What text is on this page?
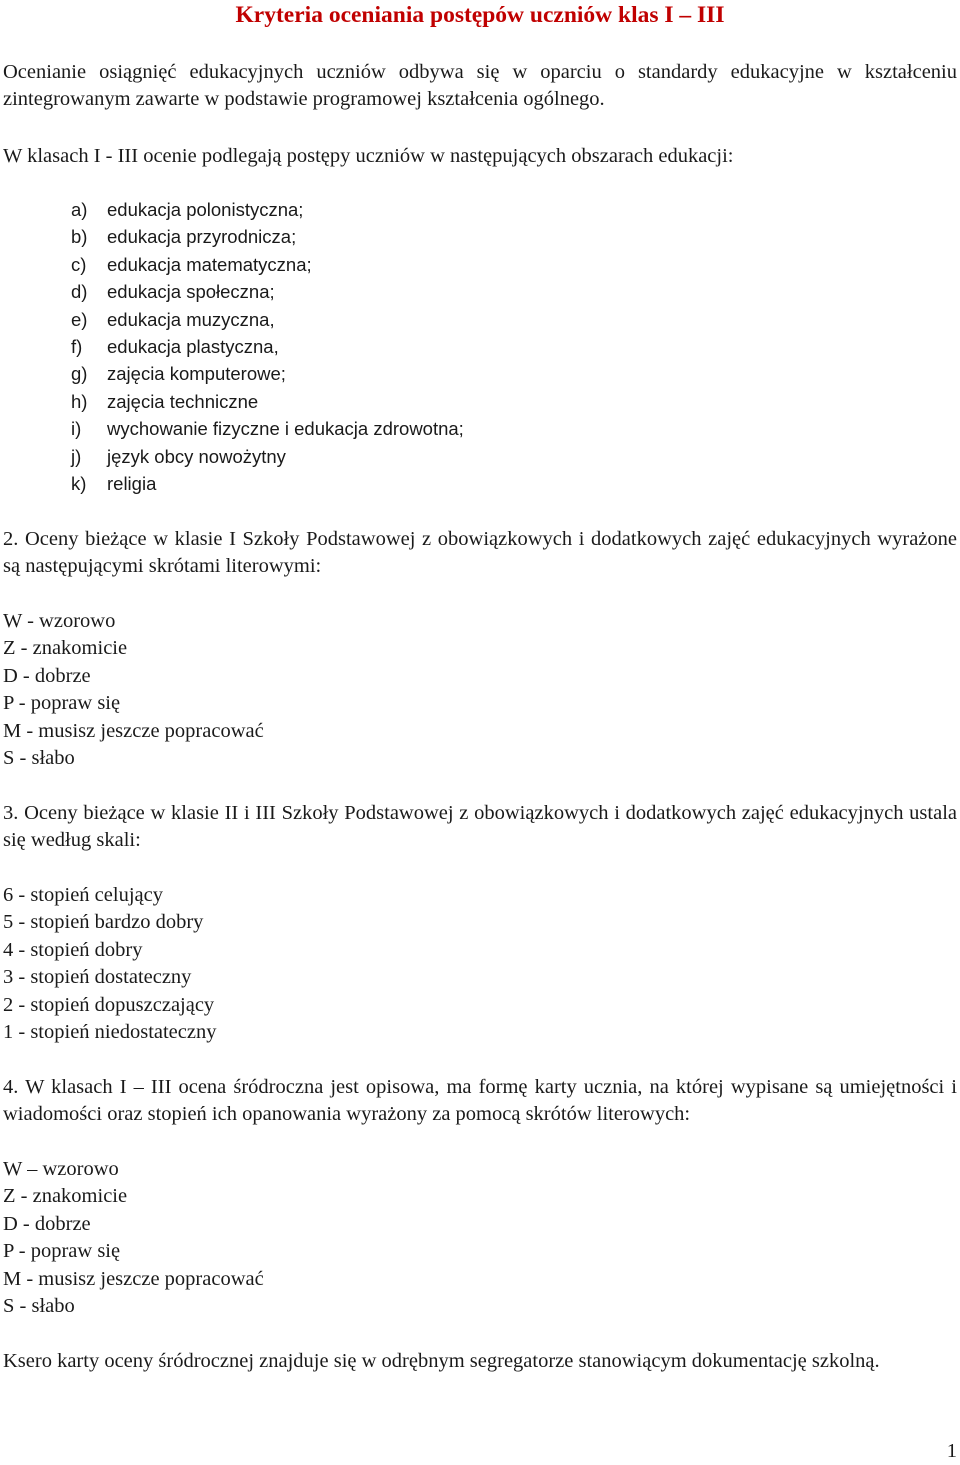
Kryteria oceniania postępów uczniów klas I – III

Ocenianie osiągnięć edukacyjnych uczniów odbywa się w oparciu o standardy edukacyjne w kształceniu zintegrowanym zawarte w podstawie programowej kształcenia ogólnego.

W klasach I - III ocenie podlegają postępy uczniów w następujących obszarach edukacji:

a) edukacja polonistyczna;
b) edukacja przyrodnicza;
c) edukacja matematyczna;
d) edukacja społeczna;
e) edukacja muzyczna,
f) edukacja plastyczna,
g) zajęcia komputerowe;
h) zajęcia techniczne
i) wychowanie fizyczne i edukacja zdrowotna;
j) język obcy nowożytny
k) religia

2. Oceny bieżące w klasie I Szkoły Podstawowej z obowiązkowych i dodatkowych zajęć edukacyjnych wyrażone są następującymi skrótami literowymi:

W - wzorowo
Z - znakomicie
D - dobrze
P - popraw się
M - musisz jeszcze popracować
S - słabo

3. Oceny bieżące w klasie II i III Szkoły Podstawowej z obowiązkowych i dodatkowych zajęć edukacyjnych ustala się według skali:

6 - stopień celujący
5 - stopień bardzo dobry
4 - stopień dobry
3 - stopień dostateczny
2 - stopień dopuszczający
1 - stopień niedostateczny

4. W klasach I – III ocena śródroczna jest opisowa, ma formę karty ucznia, na której wypisane są umiejętności i wiadomości oraz stopień ich opanowania wyrażony za pomocą skrótów literowych:

W – wzorowo
Z - znakomicie
D - dobrze
P - popraw się
M - musisz jeszcze popracować
S - słabo

Ksero karty oceny śródrocznej znajduje się w odrębnym segregatorze stanowiącym dokumentację szkolną.

1
